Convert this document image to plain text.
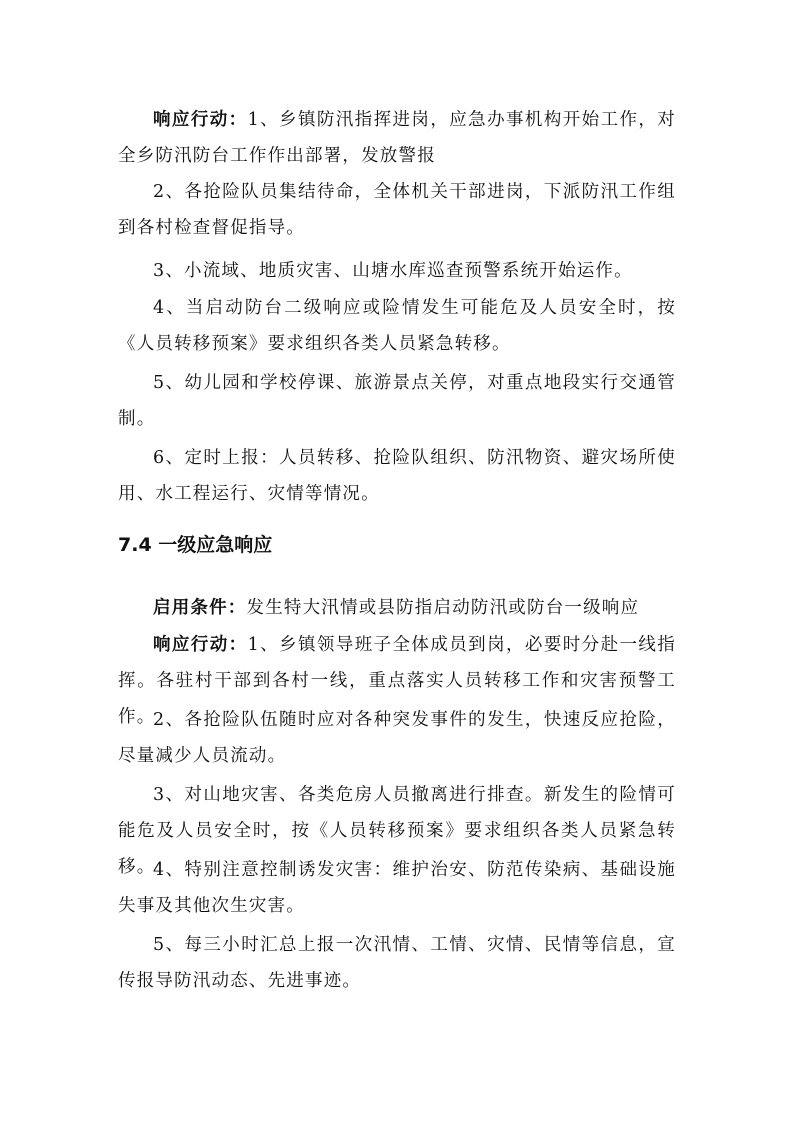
响应行动：1、乡镇防汛指挥进岗，应急办事机构开始工作，对全乡防汛防台工作作出部署，发放警报

2、各抢险队员集结待命，全体机关干部进岗，下派防汛工作组到各村检查督促指导。

3、小流域、地质灾害、山塘水库巡查预警系统开始运作。

4、当启动防台二级响应或险情发生可能危及人员安全时，按《人员转移预案》要求组织各类人员紧急转移。

5、幼儿园和学校停课、旅游景点关停，对重点地段实行交通管制。

6、定时上报：人员转移、抢险队组织、防汛物资、避灾场所使用、水工程运行、灾情等情况。

7.4 一级应急响应

启用条件：发生特大汛情或县防指启动防汛或防台一级响应

响应行动：1、乡镇领导班子全体成员到岗，必要时分赴一线指挥。各驻村干部到各村一线，重点落实人员转移工作和灾害预警工作。

2、各抢险队伍随时应对各种突发事件的发生，快速反应抢险，尽量减少人员流动。

3、对山地灾害、各类危房人员撤离进行排查。新发生的险情可能危及人员安全时，按《人员转移预案》要求组织各类人员紧急转移。

4、特别注意控制诱发灾害：维护治安、防范传染病、基础设施失事及其他次生灾害。

5、每三小时汇总上报一次汛情、工情、灾情、民情等信息，宣传报导防汛动态、先进事迹。
